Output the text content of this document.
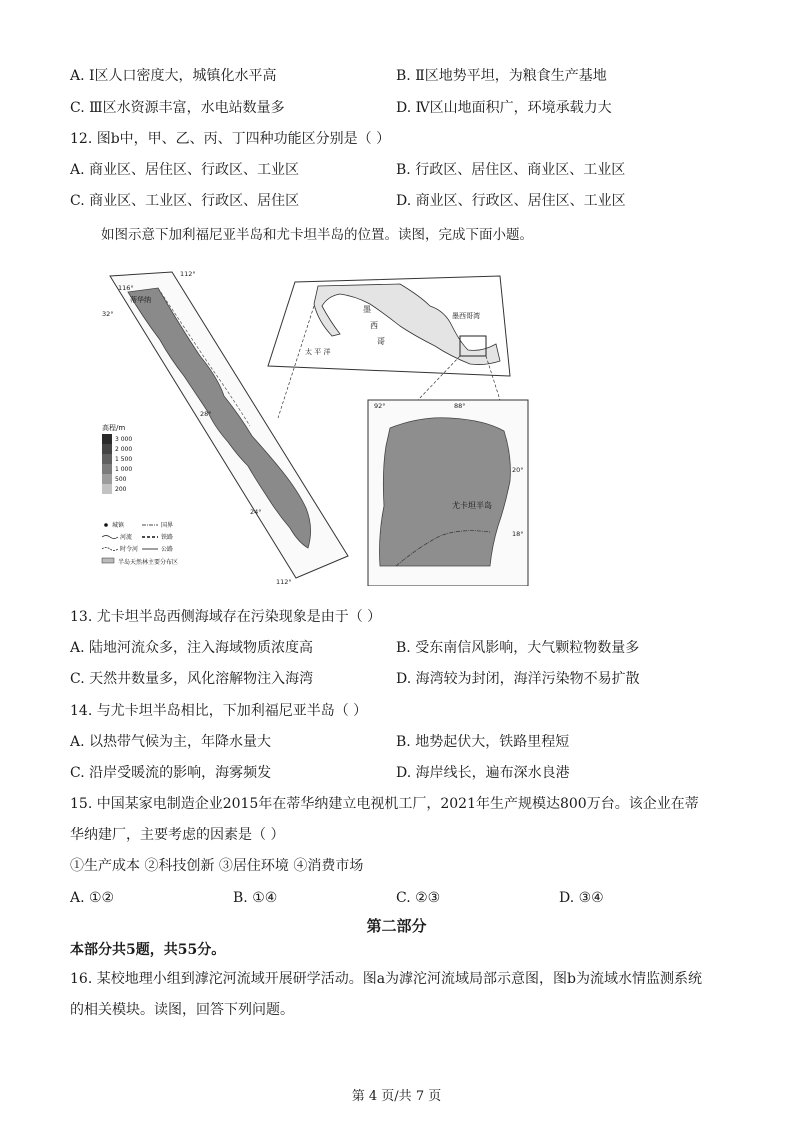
A. Ⅰ区人口密度大，城镇化水平高	B. Ⅱ区地势平坦，为粮食生产基地
C. Ⅲ区水资源丰富，水电站数量多	D. Ⅳ区山地面积广，环境承载力大
12. 图b中，甲、乙、丙、丁四种功能区分别是（ ）
A. 商业区、居住区、行政区、工业区	B. 行政区、居住区、商业区、工业区
C. 商业区、工业区、行政区、居住区	D. 商业区、行政区、居住区、工业区
如图示意下加利福尼亚半岛和尤卡坦半岛的位置。读图，完成下面小题。
116°
112°
32°
28°
24°
蒂华纳
高程/m
3 000
2 000
1 500
1 000
500
200
城镇	国界
河流	铁路
时令河	公路
半岛天然林主要分布区
112°
墨
西
哥
墨西哥湾
太 平 洋
尤卡坦半岛
92°	88°
20°
18°
13. 尤卡坦半岛西侧海域存在污染现象是由于（ ）
A. 陆地河流众多，注入海域物质浓度高	B. 受东南信风影响，大气颗粒物数量多
C. 天然井数量多，风化溶解物注入海湾	D. 海湾较为封闭，海洋污染物不易扩散
14. 与尤卡坦半岛相比，下加利福尼亚半岛（ ）
A. 以热带气候为主，年降水量大	B. 地势起伏大，铁路里程短
C. 沿岸受暖流的影响，海雾频发	D. 海岸线长，遍布深水良港
15. 中国某家电制造企业2015年在蒂华纳建立电视机工厂，2021年生产规模达800万台。该企业在蒂
华纳建厂，主要考虑的因素是（ ）
①生产成本 ②科技创新 ③居住环境 ④消费市场
A. ①②	B. ①④	C. ②③	D. ③④
第二部分
本部分共5题，共55分。
16. 某校地理小组到滹沱河流域开展研学活动。图a为滹沱河流域局部示意图，图b为流域水情监测系统
的相关模块。读图，回答下列问题。
第 4 页/共 7 页
